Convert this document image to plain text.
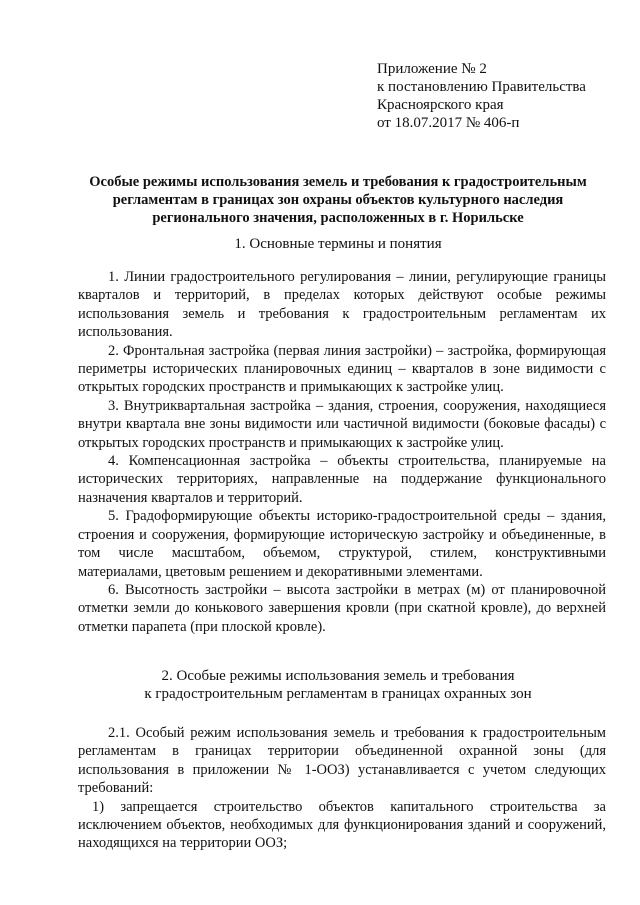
Приложение № 2
к постановлению Правительства
Красноярского края
от 18.07.2017 № 406-п
Особые режимы использования земель и требования к градостроительным
регламентам в границах зон охраны объектов культурного наследия
регионального значения, расположенных в г. Норильске
1. Основные термины и понятия

1. Линии градостроительного регулирования – линии, регулирующие границы кварталов и территорий, в пределах которых действуют особые режимы использования земель и требования к градостроительным регламентам их использования.

2. Фронтальная застройка (первая линия застройки) – застройка, формирующая периметры исторических планировочных единиц – кварталов в зоне видимости с открытых городских пространств и примыкающих к застройке улиц.

3. Внутриквартальная застройка – здания, строения, сооружения, находящиеся внутри квартала вне зоны видимости или частичной видимости (боковые фасады) с открытых городских пространств и примыкающих к застройке улиц.

4. Компенсационная застройка – объекты строительства, планируемые на исторических территориях, направленные на поддержание функционального назначения кварталов и территорий.

5. Градоформирующие объекты историко-градостроительной среды – здания, строения и сооружения, формирующие историческую застройку и объединенные, в том числе масштабом, объемом, структурой, стилем, конструктивными материалами, цветовым решением и декоративными элементами.

6. Высотность застройки – высота застройки в метрах (м) от планировочной отметки земли до конькового завершения кровли (при скатной кровле), до верхней отметки парапета (при плоской кровле).

2. Особые режимы использования земель и требования
к градостроительным регламентам в границах охранных зон

2.1. Особый режим использования земель и требования к градостроительным регламентам в границах территории объединенной охранной зоны (для использования в приложении № 1-ООЗ) устанавливается с учетом следующих требований:

1) запрещается строительство объектов капитального строительства за исключением объектов, необходимых для функционирования зданий и сооружений, находящихся на территории ООЗ;
